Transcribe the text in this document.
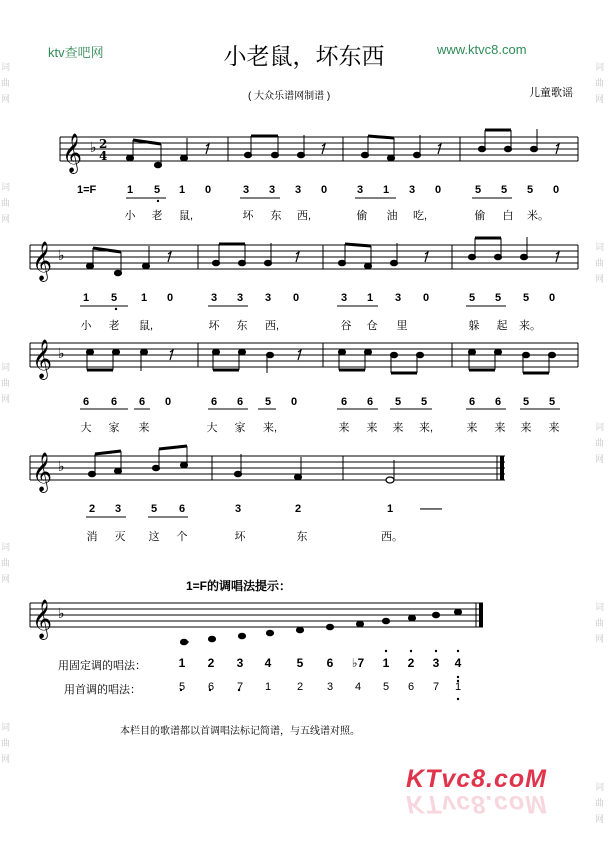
词
曲
网
词
曲
网
词
曲
网
词
曲
网
词
曲
网
词
曲
网
词
曲
网
词
曲
网
词
曲
网
词
曲
网
ktv查吧网	小老鼠，坏东西	www.ktvc8.com
( 大众乐谱网制谱 )	儿童歌谣
𝄞 ♭ 2
4
𝄞 ♭
𝄞 ♭
𝄞 ♭
𝄞 ♭
1=F	1	5	1	0	3	3	3	0	3	1	3	0	5	5	5	0
小	老	鼠,	坏	东	西,	偷	油	吃,	偷	白	米。
1	5	1	0	3	3	3	0	3	1	3	0	5	5	5	0
小	老	鼠,	坏	东	西,	谷	仓	里	躲	起	来。
6	6	6	0	6	6	5	0	6	6	5	5	6	6	5	5
大	家	来	大	家	来,	来	来	来	来,	来	来	来	来
2	3	5	6	3	2	1	——
消	灭	这	个	坏	东	西。
1=F的调唱法提示：
用固定调的唱法：	1	2	3	4	5	6	♭7	1	2	3	4
用首调的唱法：	5	6	7	1	2	3	4	5	6	7	1
本栏目的歌谱都以首调唱法标记简谱，与五线谱对照。
KTvc8.coM
KTvc8.coM
